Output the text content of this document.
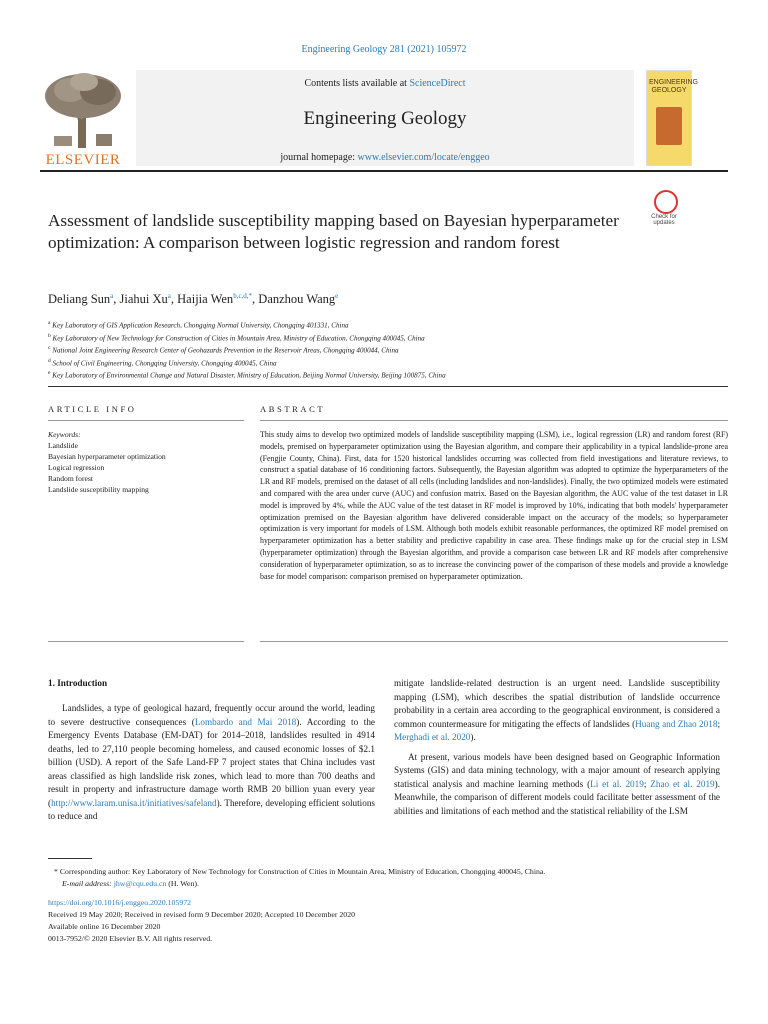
Engineering Geology 281 (2021) 105972
ELSEVIER
Contents lists available at ScienceDirect
Engineering Geology
journal homepage: www.elsevier.com/locate/enggeo
ENGINEERING GEOLOGY
Check for updates
Assessment of landslide susceptibility mapping based on Bayesian hyperparameter optimization: A comparison between logistic regression and random forest
Deliang Sun$^a$, Jiahui Xu$^a$, Haijia Wen$^{b,c,d,*}$, Danzhou Wang$^e$
$^a$ Key Laboratory of GIS Application Research, Chongqing Normal University, Chongqing 401331, China
$^b$ Key Laboratory of New Technology for Construction of Cities in Mountain Area, Ministry of Education, Chongqing 400045, China
$^c$ National Joint Engineering Research Center of Geohazards Prevention in the Reservoir Areas, Chongqing 400044, China
$^d$ School of Civil Engineering, Chongqing University, Chongqing 400045, China
$^e$ Key Laboratory of Environmental Change and Natural Disaster, Ministry of Education, Beijing Normal University, Beijing 100875, China
ARTICLE INFO	ABSTRACT
Keywords:
Landslide
Bayesian hyperparameter optimization
Logical regression
Random forest
Landslide susceptibility mapping
This study aims to develop two optimized models of landslide susceptibility mapping (LSM), i.e., logical regression (LR) and random forest (RF) models, premised on hyperparameter optimization using the Bayesian algorithm, and compare their applicability in a typical landslide-prone area (Fengjie County, China). First, data for 1520 historical landslides occurring was collected from field investigations and literature reviews, to construct a spatial database of 16 conditioning factors. Subsequently, the Bayesian algorithm was adopted to optimize the hyperparameters of the LR and RF models, premised on the dataset of all cells (including landslides and non-landslides). Finally, the two optimized models were estimated and compared with the area under curve (AUC) and confusion matrix. Based on the Bayesian algorithm, the AUC value of the test dataset in LR model is improved by 4%, while the AUC value of the test dataset in RF model is improved by 10%, indicating that both models' hyperparameter optimization premised on the Bayesian algorithm have delivered considerable impact on the accuracy of the models; so hyperparameter optimization is very important for models of LSM. Although both models exhibit reasonable performances, the optimized RF model premised on hyperparameter optimization has a better stability and predictive capability in case area. These findings make up for the crucial step in LSM (hyperparameter optimization) through the Bayesian algorithm, and provide a comparison case between LR and RF models after comprehensive consideration of hyperparameter optimization, so as to increase the convincing power of the comparison of these models and provide a knowledge base for model comparison: comparison premised on hyperparameter optimization.
1. Introduction

Landslides, a type of geological hazard, frequently occur around the world, leading to severe destructive consequences (Lombardo and Mai 2018). According to the Emergency Events Database (EM-DAT) for 2014–2018, landslides resulted in 4914 deaths, led to 27,110 people becoming homeless, and caused economic losses of $2.1 billion (USD). A report of the Safe Land-FP 7 project states that China includes vast areas classified as high landslide risk zones, which lead to more than 700 deaths and result in property and infrastructure damage worth RMB 20 billion yuan every year (http://www.laram.unisa.it/initiatives/safeland). Therefore, developing efficient solutions to reduce and

mitigate landslide-related destruction is an urgent need. Landslide susceptibility mapping (LSM), which describes the spatial distribution of landslide occurrence probability in a certain area according to the geographical environment, is considered a common countermeasure for mitigating the effects of landslides (Huang and Zhao 2018; Merghadi et al. 2020).

At present, various models have been designed based on Geographic Information Systems (GIS) and data mining technology, with a major amount of research applying statistical analysis and machine learning methods (Li et al. 2019; Zhao et al. 2019). Meanwhile, the comparison of different models could facilitate better assessment of the abilities and limitations of each method and the statistical reliability of the LSM

* Corresponding author: Key Laboratory of New Technology for Construction of Cities in Mountain Area, Ministry of Education, Chongqing 400045, China.
E-mail address: jhw@cqu.edu.cn (H. Wen).
https://doi.org/10.1016/j.enggeo.2020.105972
Received 19 May 2020; Received in revised form 9 December 2020; Accepted 10 December 2020
Available online 16 December 2020
0013-7952/© 2020 Elsevier B.V. All rights reserved.
